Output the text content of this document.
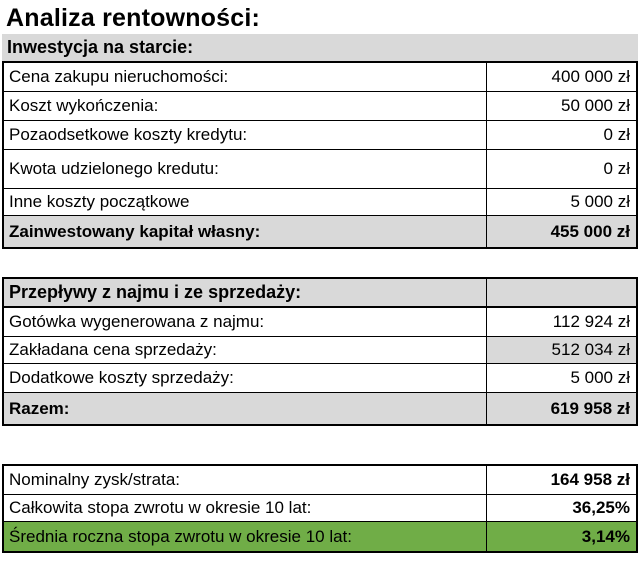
Analiza rentowności:
Inwestycja na starcie:
Cena zakupu nieruchomości:	400 000 zł
Koszt wykończenia:	50 000 zł
Pozaodsetkowe koszty kredytu:	0 zł
Kwota udzielonego kredutu:	0 zł
Inne koszty początkowe	5 000 zł
Zainwestowany kapitał własny:	455 000 zł
Przepływy z najmu i ze sprzedaży:
Gotówka wygenerowana z najmu:	112 924 zł
Zakładana cena sprzedaży:	512 034 zł
Dodatkowe koszty sprzedaży:	5 000 zł
Razem:	619 958 zł
Nominalny zysk/strata:	164 958 zł
Całkowita stopa zwrotu w okresie 10 lat:	36,25%
Średnia roczna stopa zwrotu w okresie 10 lat:	3,14%
